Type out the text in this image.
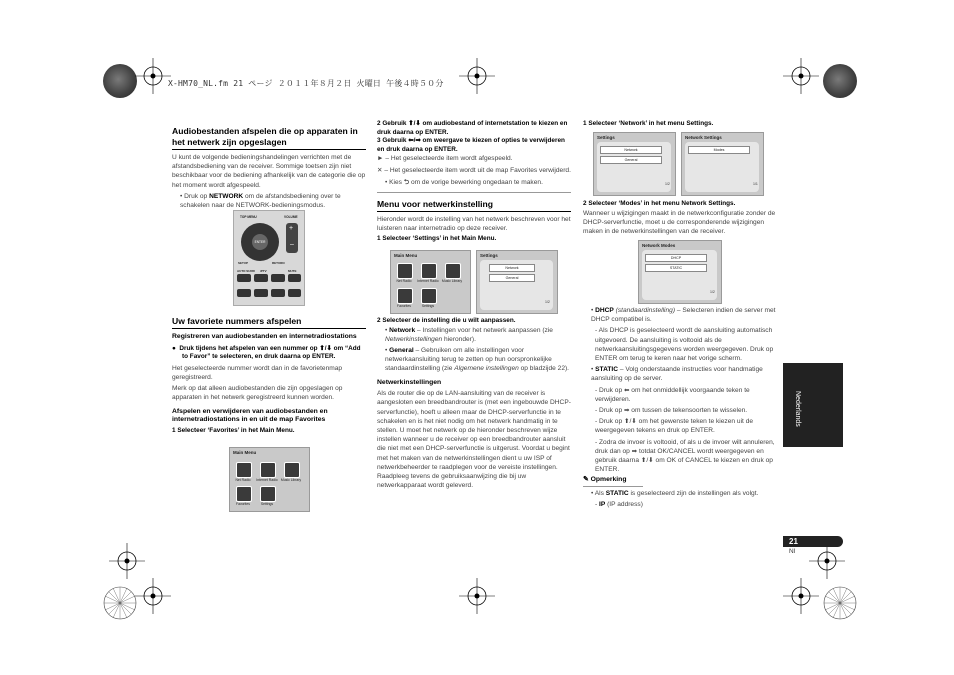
X-HM70_NL.fm 21 ページ ２０１１年８月２日 火曜日 午後４時５０分
Audiobestanden afspelen die op apparaten in het netwerk zijn opgeslagen
U kunt de volgende bedieningshandelingen verrichten met de afstandsbediening van de receiver. Sommige toetsen zijn niet beschikbaar voor de bediening afhankelijk van de categorie die op het moment wordt afgespeeld.
• Druk op NETWORK om de afstandsbediening over te schakelen naar de NETWORK-bedieningsmodus.
TOP MENU	VOLUME
ENTER
+
–
SETUP	RETURN
AUTO SURR iPTV	MUTE
Uw favoriete nummers afspelen
Registreren van audiobestanden en internetradiostations
●  Druk tijdens het afspelen van een nummer op ⬆/⬇ om “Add to Favor” te selecteren, en druk daarna op ENTER.
Het geselecteerde nummer wordt dan in de favorietenmap geregistreerd.
Merk op dat alleen audiobestanden die zijn opgeslagen op apparaten in het netwerk geregistreerd kunnen worden.
Afspelen en verwijderen van audiobestanden en internetradiostations in en uit de map Favorites
1 Selecteer ‘Favorites’ in het Main Menu.
Main Menu
Net Radio	Internet Radio Music Library
Favorites	Settings
2 Gebruik ⬆/⬇ om audiobestand of internetstation te kiezen en druk daarna op ENTER.
3 Gebruik ⬅/➡ om weergave te kiezen of opties te verwijderen en druk daarna op ENTER.
► – Het geselecteerde item wordt afgespeeld.
✕ – Het geselecteerde item wordt uit de map Favorites verwijderd.
• Kies ⮌ om de vorige bewerking ongedaan te maken.
Menu voor netwerkinstelling
Hieronder wordt de instelling van het netwerk beschreven voor het luisteren naar internetradio op deze receiver.
1 Selecteer ‘Settings’ in het Main Menu.
Main Menu
Net Radio	Internet Radio Music Library
Favorites	Settings
Settings
Network
General
1/2
2 Selecteer de instelling die u wilt aanpassen.
• Network – Instellingen voor het netwerk aanpassen (zie Netwerkinstellingen hieronder).
• General – Gebruiken om alle instellingen voor netwerkaansluiting terug te zetten op hun oorspronkelijke standaardinstelling (zie Algemene instellingen op bladzijde 22).
Netwerkinstellingen
Als de router die op de LAN-aansluiting van de receiver is aangesloten een breedbandrouter is (met een ingebouwde DHCP-serverfunctie), hoeft u alleen maar de DHCP-serverfunctie in te schakelen en is het niet nodig om het netwerk handmatig in te stellen. U moet het netwerk op de hieronder beschreven wijze instellen wanneer u de receiver op een breedbandrouter aansluit die niet met een DHCP-serverfunctie is uitgerust. Voordat u begint met het maken van de netwerkinstellingen dient u uw ISP of netwerkbeheerder te raadplegen voor de vereiste instellingen. Raadpleeg tevens de gebruiksaanwijzing die bij uw netwerkapparaat wordt geleverd.
1 Selecteer ‘Network’ in het menu Settings.
Settings
Network
General
1/2
Network Settings
Modes
1/1
2 Selecteer ‘Modes’ in het menu Network Settings.
Wanneer u wijzigingen maakt in de netwerkconfiguratie zonder de DHCP-serverfunctie, moet u de corresponderende wijzigingen maken in de netwerkinstellingen van de receiver.
Network Modes
DHCP
STATIC
1/2
• DHCP (standaardinstelling) – Selecteren indien de server met DHCP compatibel is.
- Als DHCP is geselecteerd wordt de aansluiting automatisch uitgevoerd. De aansluiting is voltooid als de netwerkaansluitingsgegevens worden weergegeven. Druk op ENTER om terug te keren naar het vorige scherm.
• STATIC – Volg onderstaande instructies voor handmatige aansluiting op de server.
- Druk op ⬅ om het onmiddellijk voorgaande teken te verwijderen.
- Druk op ➡ om tussen de tekensoorten te wisselen.
- Druk op ⬆/⬇ om het gewenste teken te kiezen uit de weergegeven tekens en druk op ENTER.
- Zodra de invoer is voltooid, of als u de invoer wilt annuleren, druk dan op ➡ totdat OK/CANCEL wordt weergegeven en gebruik daarna ⬆/⬇ om OK of CANCEL te kiezen en druk op ENTER.
✎ Opmerking
• Als STATIC is geselecteerd zijn de instellingen als volgt.
- IP (IP address)
Nederlands
21
Nl
